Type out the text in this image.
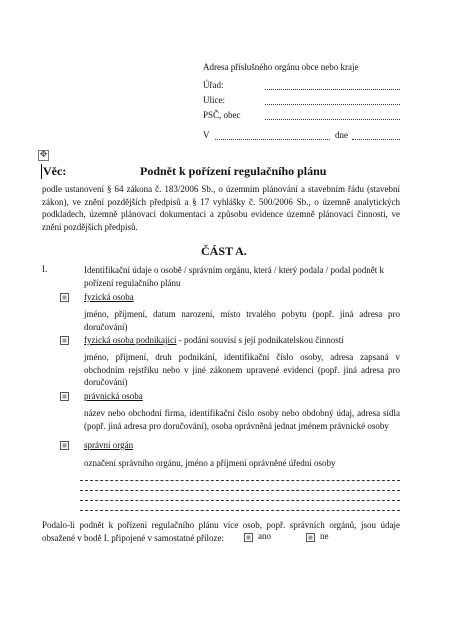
Adresa příslušného orgánu obce nebo kraje
Úřad:
Ulice:
PSČ, obec
V	dne
✥
Věc:	Podnět k pořízení regulačního plánu

podle ustanovení § 64 zákona č. 183/2006 Sb., o územním plánování a stavebním řádu (stavební zákon), ve znění pozdějších předpisů a § 17 vyhlášky č. 500/2006 Sb., o územně analytických podkladech, územně plánovací dokumentaci a způsobu evidence územně plánovací činnosti, ve znění pozdějších předpisů.

ČÁST A.
I.	Identifikační údaje o osobě / správním orgánu, která / který podala / podal podnět k pořízení regulačního plánu

fyzická osoba

jméno, příjmení, datum narození, místo trvalého pobytu (popř. jiná adresa pro doručování)

fyzická osoba podnikající - podání souvisí s její podnikatelskou činností

jméno, příjmení, druh podnikání, identifikační číslo osoby, adresa zapsaná v obchodním rejstříku nebo v jiné zákonem upravené evidenci (popř. jiná adresa pro doručování)

právnická osoba

název nebo obchodní firma, identifikační číslo osoby nebo obdobný údaj, adresa sídla (popř. jiná adresa pro doručování), osoba oprávněná jednat jménem právnické osoby

správní orgán

označení správního orgánu, jméno a příjmení oprávněné úřední osoby

Podalo-li podnět k pořízení regulačního plánu více osob, popř. správních orgánů, jsou údaje obsažené v bodě I. připojené v samostatné příloze:	ano	ne
